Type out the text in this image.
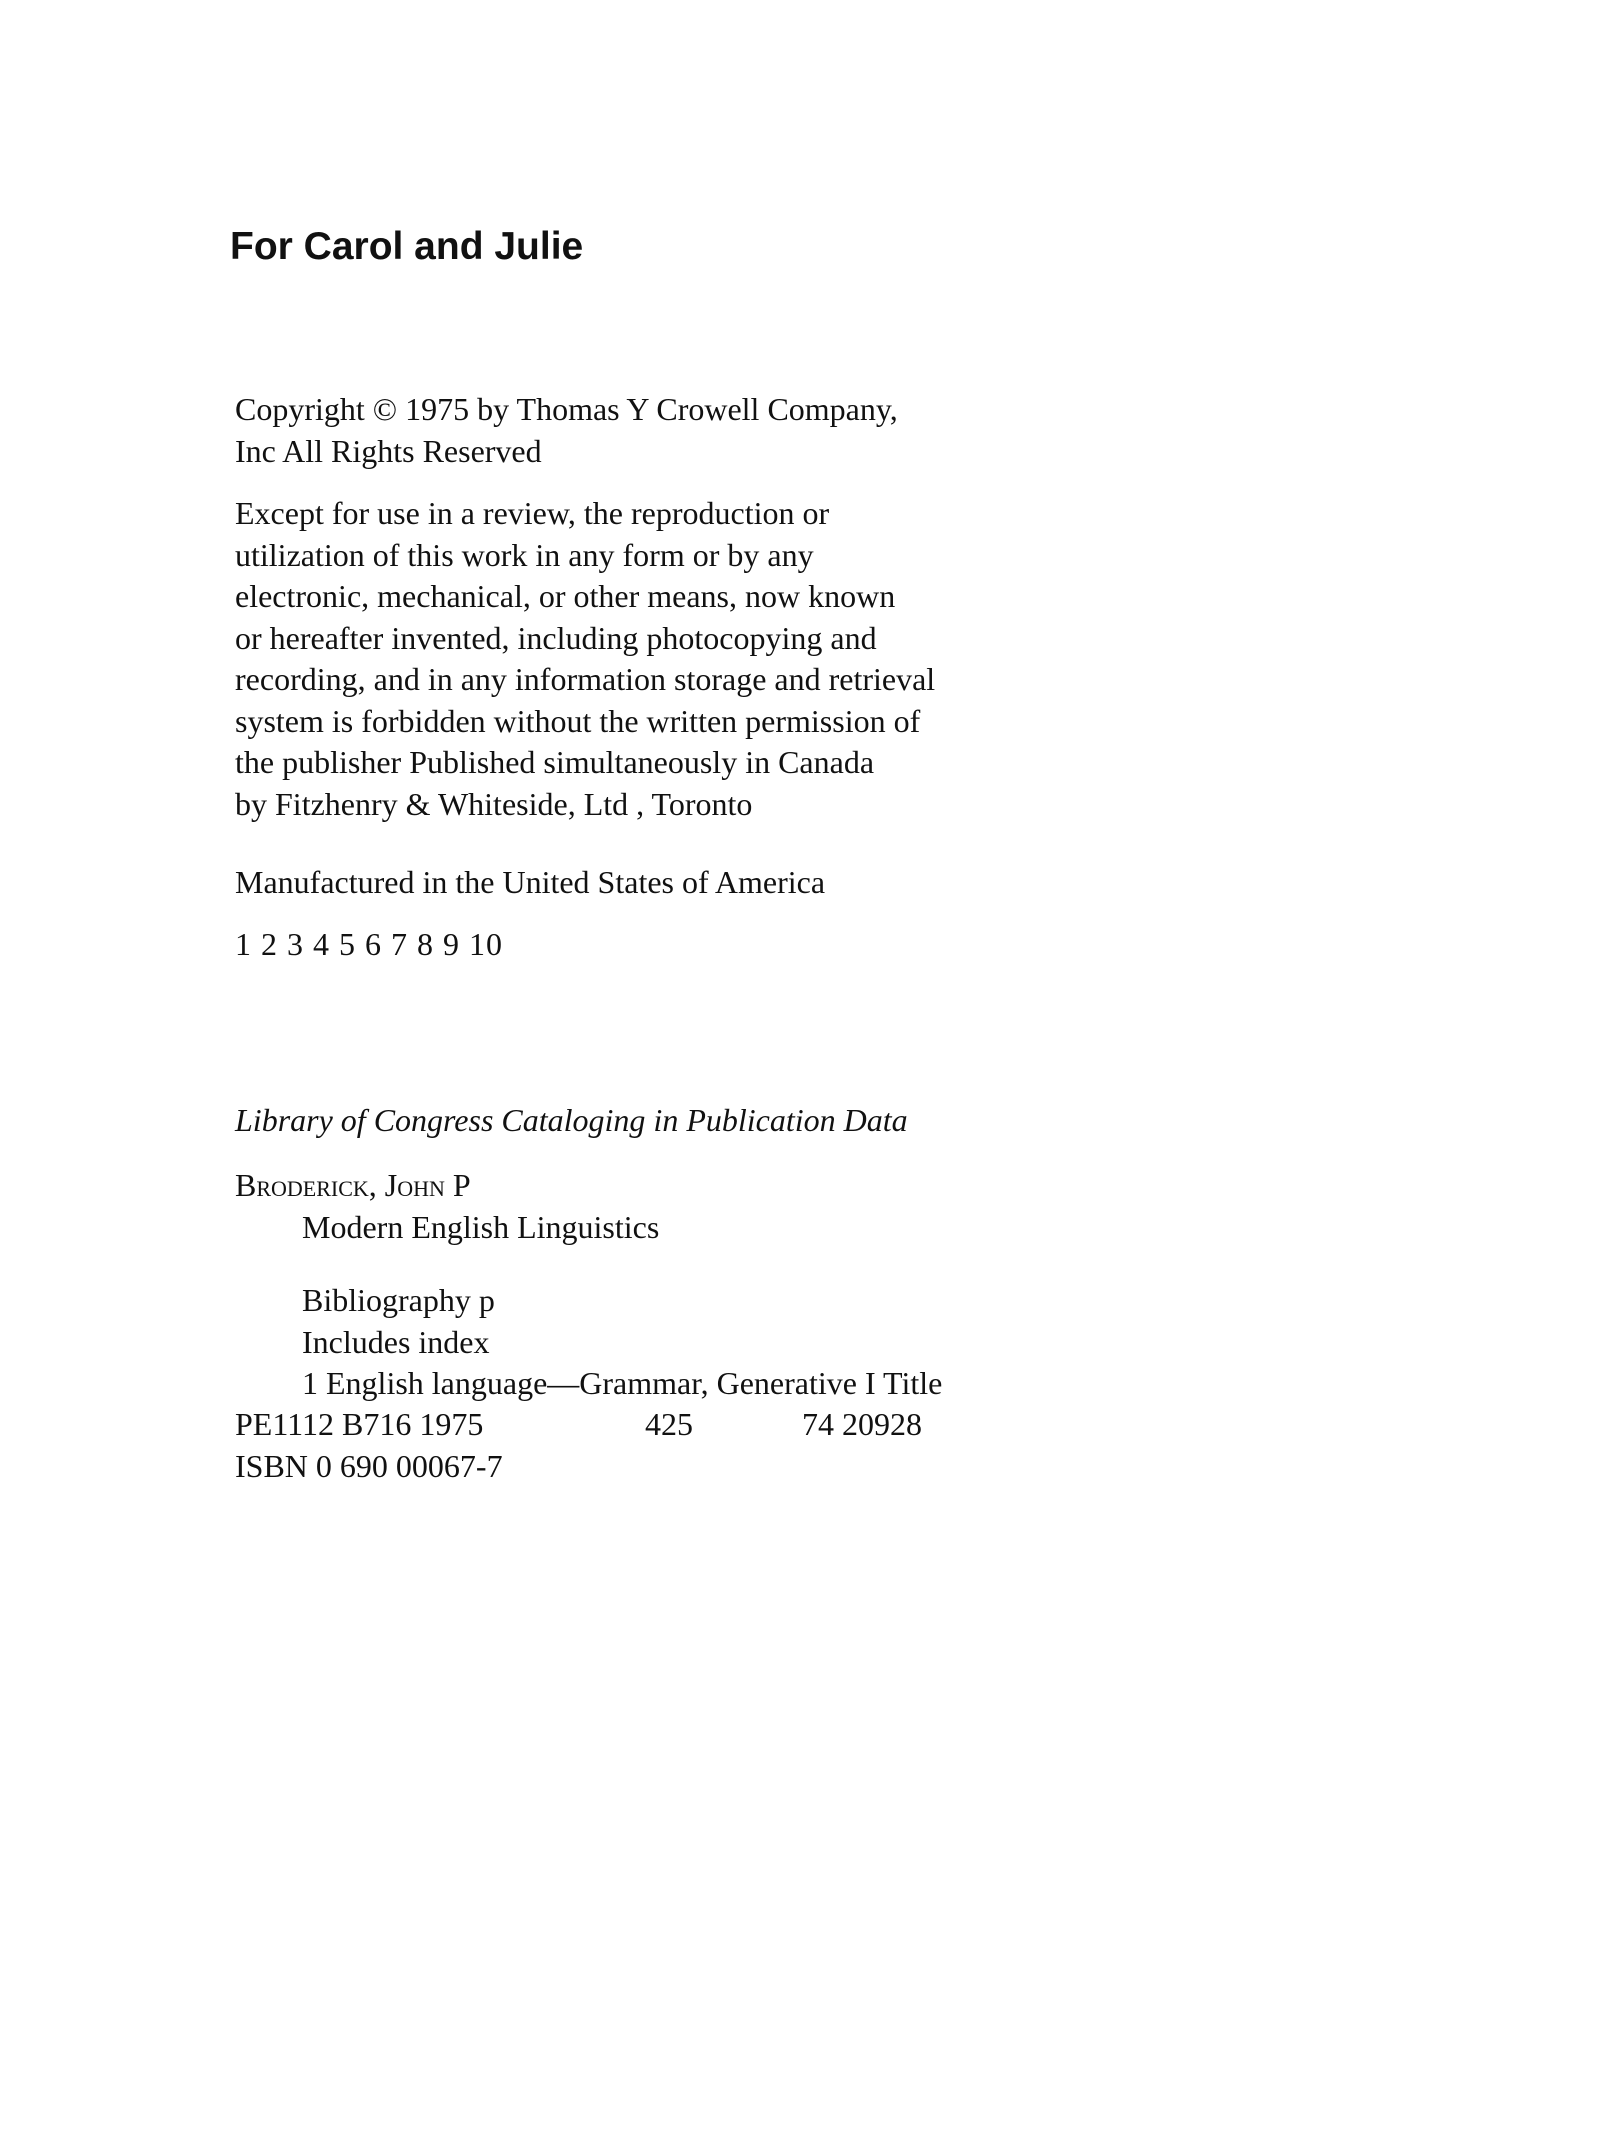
For Carol and Julie

Copyright © 1975 by Thomas Y Crowell Company,
Inc All Rights Reserved

Except for use in a review, the reproduction or
utilization of this work in any form or by any
electronic, mechanical, or other means, now known
or hereafter invented, including photocopying and
recording, and in any information storage and retrieval
system is forbidden without the written permission of
the publisher Published simultaneously in Canada
by Fitzhenry & Whiteside, Ltd , Toronto

Manufactured in the United States of America

1 2 3 4 5 6 7 8 9 10

Library of Congress Cataloging in Publication Data

Broderick, John P

Modern English Linguistics

Bibliography p
Includes index
1 English language—Grammar, Generative I Title

PE1112 B716 1975	425	74 20928

ISBN 0 690 00067-7
